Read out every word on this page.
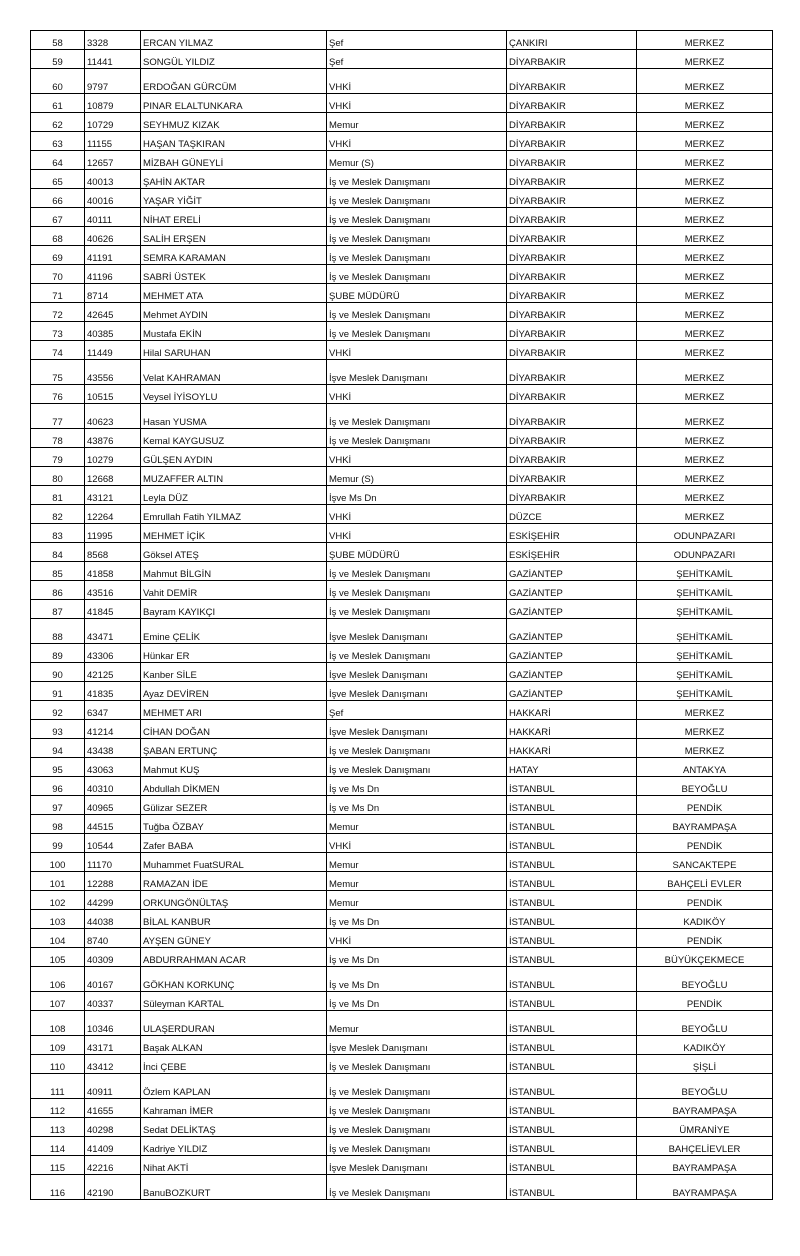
58	3328	ERCAN YILMAZ	Şef	ÇANKIRI	MERKEZ
59	11441	SONGÜL YILDIZ	Şef	DİYARBAKIR	MERKEZ
60	9797	ERDOĞAN GÜRCÜM	VHKİ	DİYARBAKIR	MERKEZ
61	10879	PINAR ELALTUNKARA	VHKİ	DİYARBAKIR	MERKEZ
62	10729	SEYHMUZ KIZAK	Memur	DİYARBAKIR	MERKEZ
63	11155	HAŞAN TAŞKIRAN	VHKİ	DİYARBAKIR	MERKEZ
64	12657	MİZBAH GÜNEYLİ	Memur (S)	DİYARBAKIR	MERKEZ
65	40013	ŞAHİN AKTAR	İş ve Meslek Danışmanı	DİYARBAKIR	MERKEZ
66	40016	YAŞAR YİĞİT	İş ve Meslek Danışmanı	DİYARBAKIR	MERKEZ
67	40111	NİHAT ERELİ	İş ve Meslek Danışmanı	DİYARBAKIR	MERKEZ
68	40626	SALİH ERŞEN	İş ve Meslek Danışmanı	DİYARBAKIR	MERKEZ
69	41191	SEMRA KARAMAN	İş ve Meslek Danışmanı	DİYARBAKIR	MERKEZ
70	41196	SABRİ ÜSTEK	İş ve Meslek Danışmanı	DİYARBAKIR	MERKEZ
71	8714	MEHMET ATA	ŞUBE MÜDÜRÜ	DİYARBAKIR	MERKEZ
72	42645	Mehmet AYDIN	İş ve Meslek Danışmanı	DİYARBAKIR	MERKEZ
73	40385	Mustafa EKİN	İş ve Meslek Danışmanı	DİYARBAKIR	MERKEZ
74	11449	Hilal SARUHAN	VHKİ	DİYARBAKIR	MERKEZ
75	43556	Velat KAHRAMAN	İşve Meslek Danışmanı	DİYARBAKIR	MERKEZ
76	10515	Veysel İYİSOYLU	VHKİ	DİYARBAKIR	MERKEZ
77	40623	Hasan YUSMA	İş ve Meslek Danışmanı	DİYARBAKIR	MERKEZ
78	43876	Kemal KAYGUSUZ	İş ve Meslek Danışmanı	DİYARBAKIR	MERKEZ
79	10279	GÜLŞEN AYDIN	VHKİ	DİYARBAKIR	MERKEZ
80	12668	MUZAFFER ALTIN	Memur (S)	DİYARBAKIR	MERKEZ
81	43121	Leyla DÜZ	İşve Ms Dn	DİYARBAKIR	MERKEZ
82	12264	Emrullah Fatih YILMAZ	VHKİ	DÜZCE	MERKEZ
83	11995	MEHMET İÇİK	VHKİ	ESKİŞEHİR	ODUNPAZARI
84	8568	Göksel ATEŞ	ŞUBE MÜDÜRÜ	ESKİŞEHİR	ODUNPAZARI
85	41858	Mahmut BİLGİN	İş ve Meslek Danışmanı	GAZİANTEP	ŞEHİTKAMİL
86	43516	Vahit DEMİR	İş ve Meslek Danışmanı	GAZİANTEP	ŞEHİTKAMİL
87	41845	Bayram KAYIKÇI	İş ve Meslek Danışmanı	GAZİANTEP	ŞEHİTKAMİL
88	43471	Emine ÇELİK	İşve Meslek Danışmanı	GAZİANTEP	ŞEHİTKAMİL
89	43306	Hünkar ER	İş ve Meslek Danışmanı	GAZİANTEP	ŞEHİTKAMİL
90	42125	Kanber SİLE	İşve Meslek Danışmanı	GAZİANTEP	ŞEHİTKAMİL
91	41835	Ayaz DEVİREN	İşve Meslek Danışmanı	GAZİANTEP	ŞEHİTKAMİL
92	6347	MEHMET ARI	Şef	HAKKARİ	MERKEZ
93	41214	CİHAN DOĞAN	İşve Meslek Danışmanı	HAKKARİ	MERKEZ
94	43438	ŞABAN ERTUNÇ	İş ve Meslek Danışmanı	HAKKARİ	MERKEZ
95	43063	Mahmut KUŞ	İş ve Meslek Danışmanı	HATAY	ANTAKYA
96	40310	Abdullah DİKMEN	İş ve Ms Dn	İSTANBUL	BEYOĞLU
97	40965	Gülizar SEZER	İş ve Ms Dn	İSTANBUL	PENDİK
98	44515	Tuğba ÖZBAY	Memur	İSTANBUL	BAYRAMPAŞA
99	10544	Zafer BABA	VHKİ	İSTANBUL	PENDİK
100	11170	Muhammet FuatSURAL	Memur	İSTANBUL	SANCAKTEPE
101	12288	RAMAZAN İDE	Memur	İSTANBUL	BAHÇELİ EVLER
102	44299	ORKUNGÖNÜLTAŞ	Memur	İSTANBUL	PENDİK
103	44038	BİLAL KANBUR	İş ve Ms Dn	İSTANBUL	KADIKÖY
104	8740	AYŞEN GÜNEY	VHKİ	İSTANBUL	PENDİK
105	40309	ABDURRAHMAN ACAR	İş ve Ms Dn	İSTANBUL	BÜYÜKÇEKMECE
106	40167	GÖKHAN KORKUNÇ	İş ve Ms Dn	İSTANBUL	BEYOĞLU
107	40337	Süleyman KARTAL	İş ve Ms Dn	İSTANBUL	PENDİK
108	10346	ULAŞERDURAN	Memur	İSTANBUL	BEYOĞLU
109	43171	Başak ALKAN	İşve Meslek Danışmanı	İSTANBUL	KADIKÖY
110	43412	İnci ÇEBE	İş ve Meslek Danışmanı	İSTANBUL	ŞİŞLİ
111	40911	Özlem KAPLAN	İş ve Meslek Danışmanı	İSTANBUL	BEYOĞLU
112	41655	Kahraman İMER	İş ve Meslek Danışmanı	İSTANBUL	BAYRAMPAŞA
113	40298	Sedat DELİKTAŞ	İş ve Meslek Danışmanı	İSTANBUL	ÜMRANİYE
114	41409	Kadriye YILDIZ	İş ve Meslek Danışmanı	İSTANBUL	BAHÇELİEVLER
115	42216	Nihat AKTİ	İşve Meslek Danışmanı	İSTANBUL	BAYRAMPAŞA
116	42190	BanuBOZKURT	İş ve Meslek Danışmanı	İSTANBUL	BAYRAMPAŞA
